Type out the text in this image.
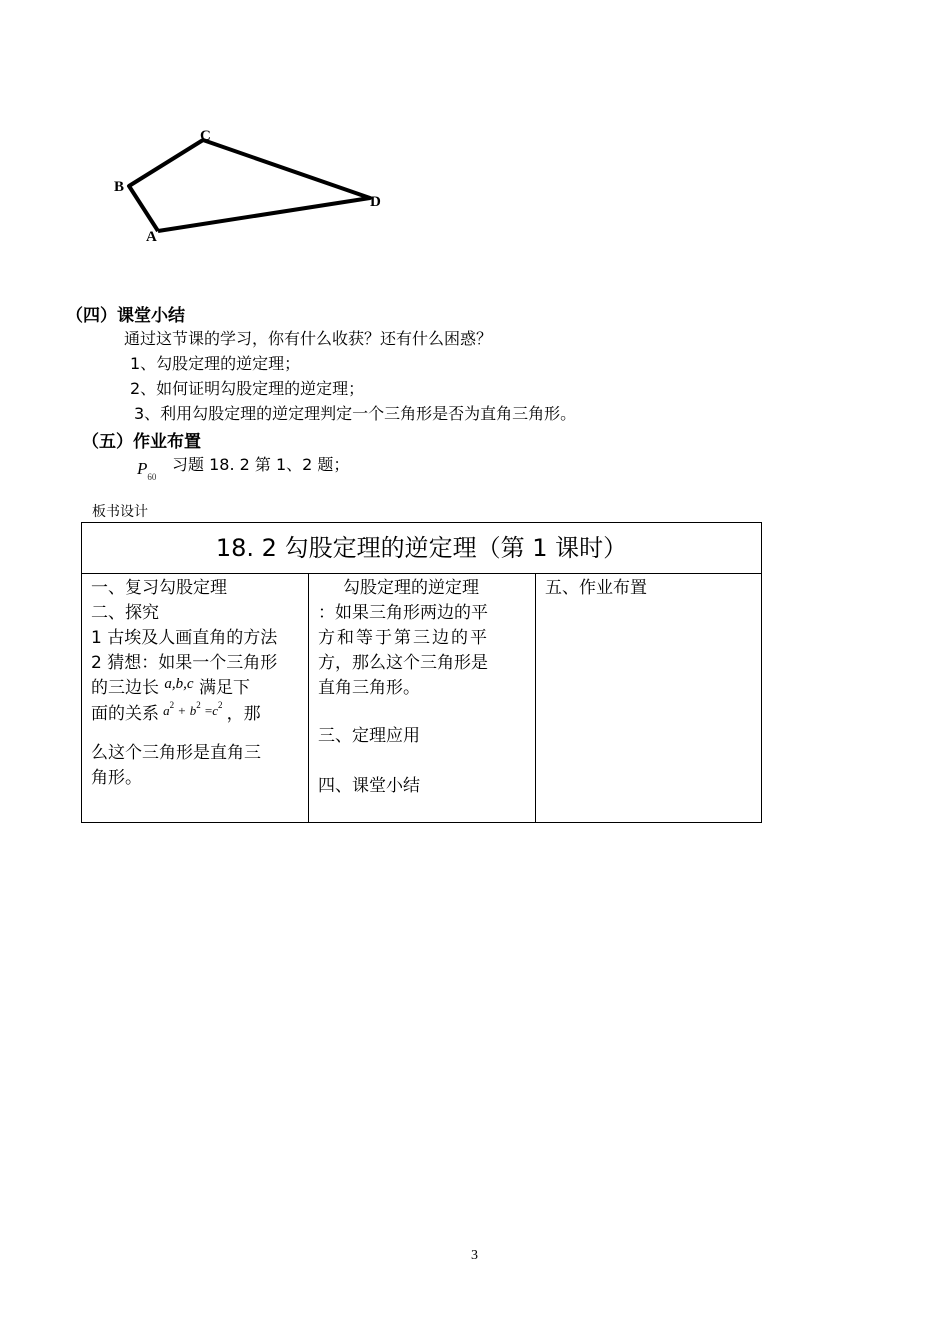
C
B
D
A
（四）课堂小结
通过这节课的学习，你有什么收获？还有什么困惑？
1、勾股定理的逆定理；
2、如何证明勾股定理的逆定理；
3、利用勾股定理的逆定理判定一个三角形是否为直角三角形。
（五）作业布置
$P_{60}$
习题 18. 2 第 1、2 题；
板书设计
18. 2 勾股定理的逆定理（第 1 课时）
一、复习勾股定理
二、探究
1 古埃及人画直角的方法
2 猜想：如果一个三角形
的三边长 a,b,c 满足下
面的关系 $^{a^2 + b^2 =c^2}$ ，那
么这个三角形是直角三
角形。
勾股定理的逆定理
：如果三角形两边的平
方和等于第三边的平
方，那么这个三角形是
直角三角形。
三、定理应用
四、课堂小结
五、作业布置
3
